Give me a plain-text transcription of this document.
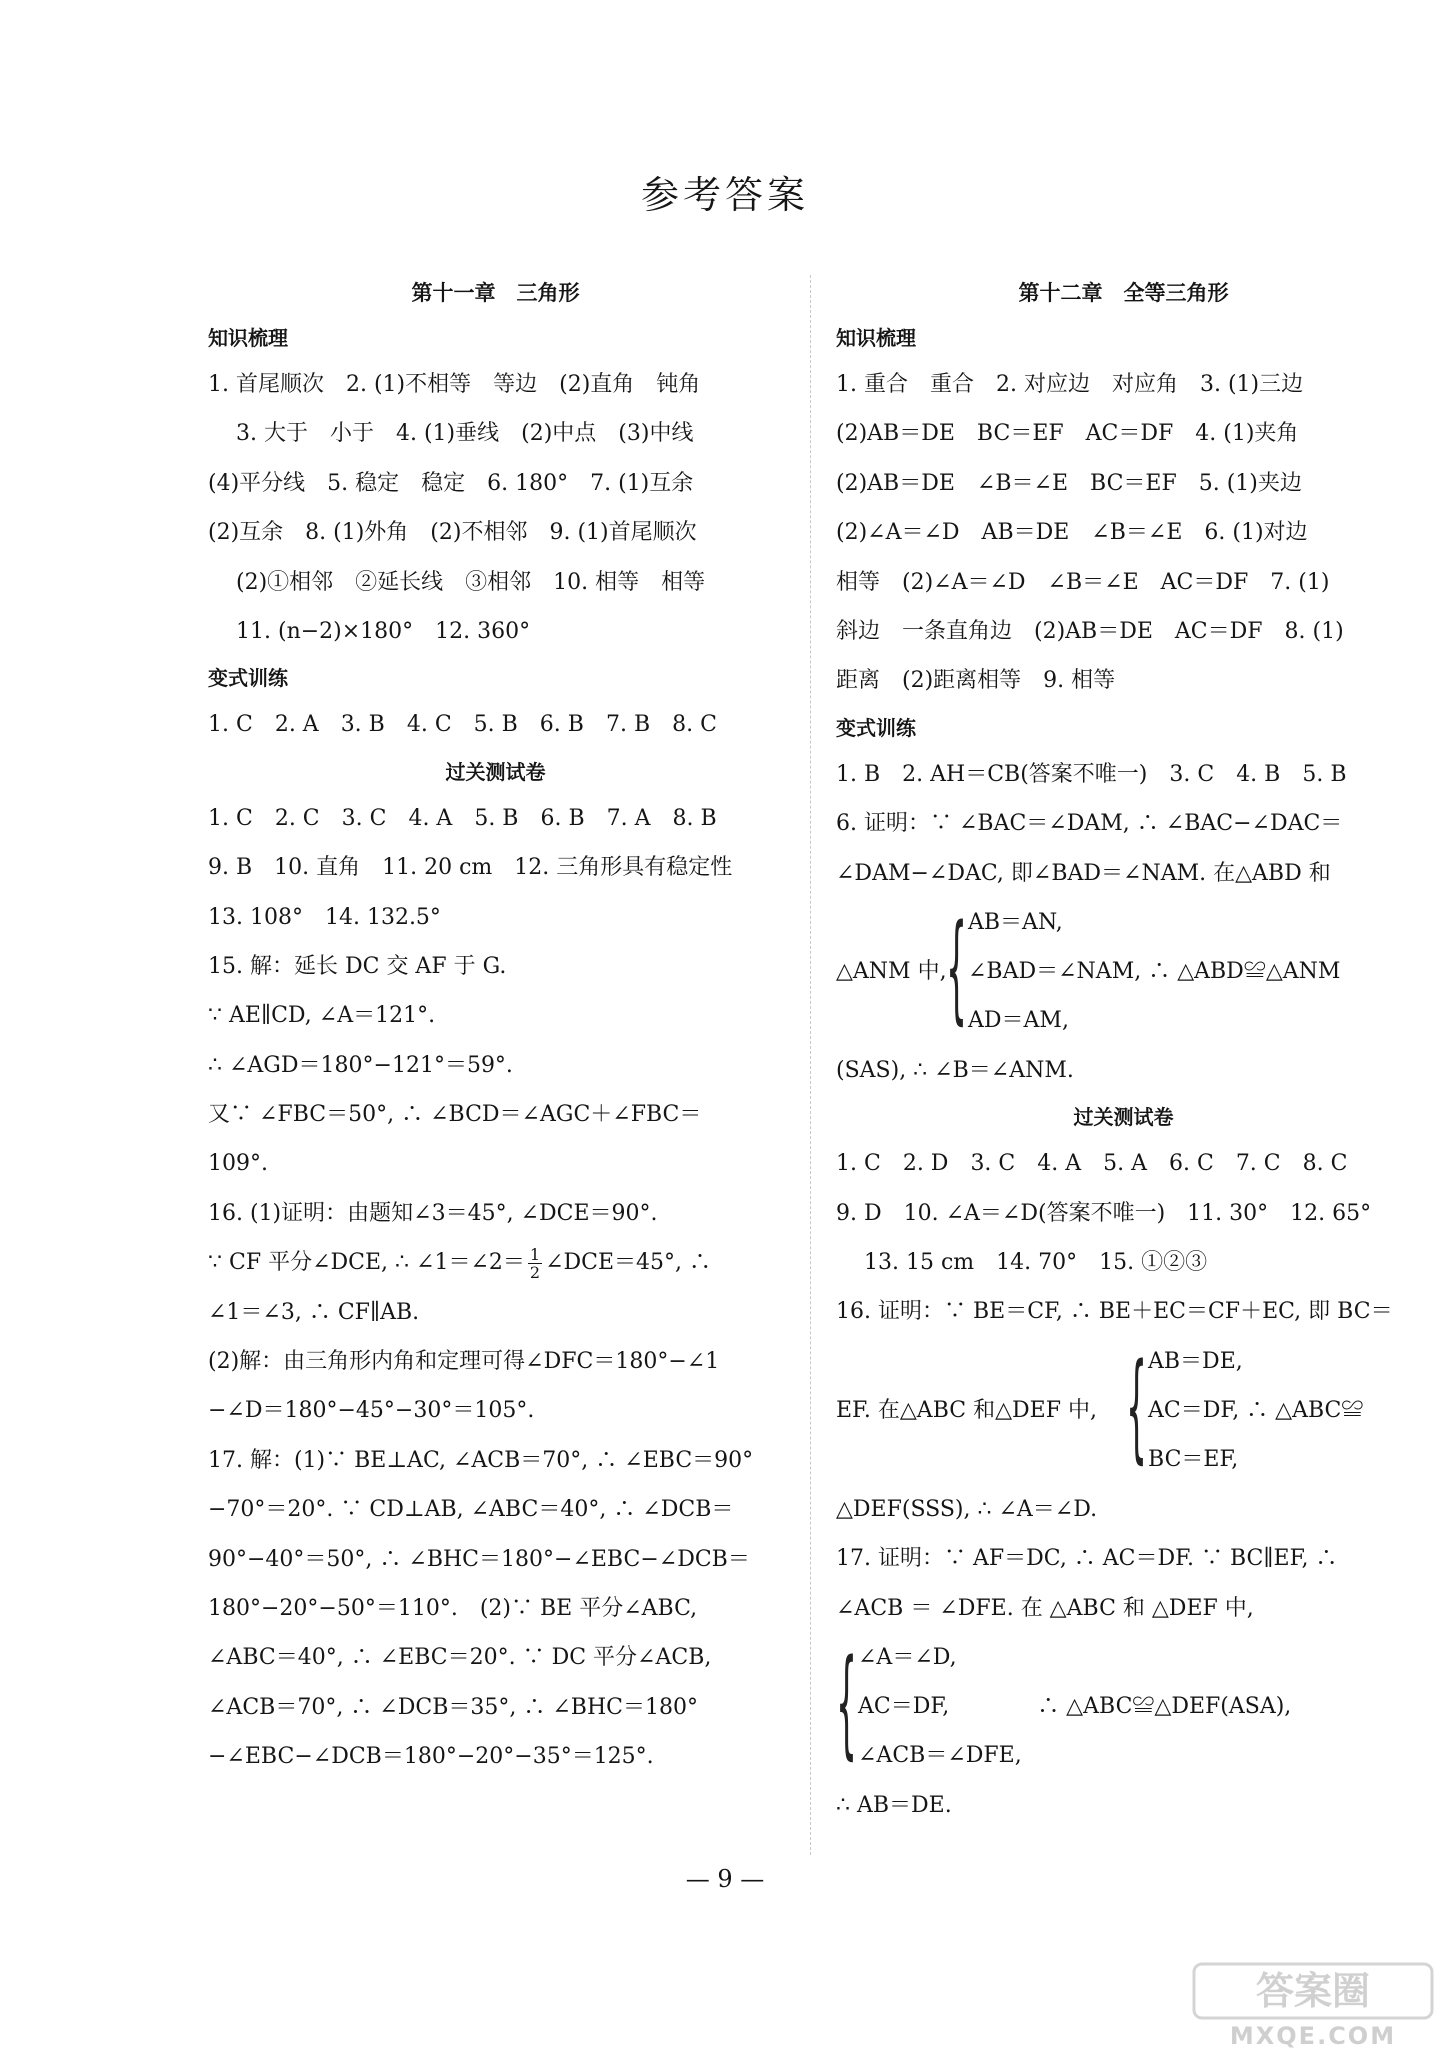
参考答案
第十一章　三角形
知识梳理
1. 首尾顺次　2. (1)不相等　等边　(2)直角　钝角
3. 大于　小于　4. (1)垂线　(2)中点　(3)中线
(4)平分线　5. 稳定　稳定　6. 180°　7. (1)互余
(2)互余　8. (1)外角　(2)不相邻　9. (1)首尾顺次
(2)①相邻　②延长线　③相邻　10. 相等　相等
11. (n−2)×180°　12. 360°
变式训练
1. C　2. A　3. B　4. C　5. B　6. B　7. B　8. C
过关测试卷
1. C　2. C　3. C　4. A　5. B　6. B　7. A　8. B
9. B　10. 直角　11. 20 cm　12. 三角形具有稳定性
13. 108°　14. 132.5°
15. 解：延长 DC 交 AF 于 G.
∵ AE∥CD, ∠A＝121°.
∴ ∠AGD＝180°−121°＝59°.
又∵ ∠FBC＝50°, ∴ ∠BCD＝∠AGC＋∠FBC＝
109°.
16. (1)证明：由题知∠3＝45°, ∠DCE＝90°.
∵ CF 平分∠DCE, ∴ ∠1＝∠2＝ $\frac{1}{2}$ ∠DCE＝45°, ∴
∠1＝∠3, ∴ CF∥AB.
(2)解：由三角形内角和定理可得∠DFC＝180°−∠1
−∠D＝180°−45°−30°＝105°.
17. 解：(1)∵ BE⊥AC, ∠ACB＝70°, ∴ ∠EBC＝90°
−70°＝20°. ∵ CD⊥AB, ∠ABC＝40°, ∴ ∠DCB＝
90°−40°＝50°, ∴ ∠BHC＝180°−∠EBC−∠DCB＝
180°−20°−50°＝110°.　(2)∵ BE 平分∠ABC,
∠ABC＝40°, ∴ ∠EBC＝20°. ∵ DC 平分∠ACB,
∠ACB＝70°, ∴ ∠DCB＝35°, ∴ ∠BHC＝180°
−∠EBC−∠DCB＝180°−20°−35°＝125°.
第十二章　全等三角形
知识梳理
1. 重合　重合　2. 对应边　对应角　3. (1)三边
(2)AB＝DE　BC＝EF　AC＝DF　4. (1)夹角
(2)AB＝DE　∠B＝∠E　BC＝EF　5. (1)夹边
(2)∠A＝∠D　AB＝DE　∠B＝∠E　6. (1)对边
相等　(2)∠A＝∠D　∠B＝∠E　AC＝DF　7. (1)
斜边　一条直角边　(2)AB＝DE　AC＝DF　8. (1)
距离　(2)距离相等　9. 相等
变式训练
1. B　2. AH＝CB(答案不唯一)　3. C　4. B　5. B
6. 证明：∵ ∠BAC＝∠DAM, ∴ ∠BAC−∠DAC＝
∠DAM−∠DAC, 即∠BAD＝∠NAM. 在△ABD 和
△ANM 中, { AB＝AN,
∠BAD＝∠NAM, ∴ △ABD≌△ANM
AD＝AM,
(SAS), ∴ ∠B＝∠ANM.
过关测试卷
1. C　2. D　3. C　4. A　5. A　6. C　7. C　8. C
9. D　10. ∠A＝∠D(答案不唯一)　11. 30°　12. 65°
13. 15 cm　14. 70°　15. ①②③
16. 证明：∵ BE＝CF, ∴ BE＋EC＝CF＋EC, 即 BC＝
EF. 在△ABC 和△DEF 中, { AB＝DE,
AC＝DF, ∴ △ABC≌
BC＝EF,
△DEF(SSS), ∴ ∠A＝∠D.
17. 证明：∵ AF＝DC, ∴ AC＝DF. ∵ BC∥EF, ∴
∠ACB ＝ ∠DFE. 在 △ABC 和 △DEF 中,
{ ∠A＝∠D,
AC＝DF,　　　　∴ △ABC≌△DEF(ASA),
∠ACB＝∠DFE,
∴ AB＝DE.
— 9 —
答案圈
MXQE.COM
